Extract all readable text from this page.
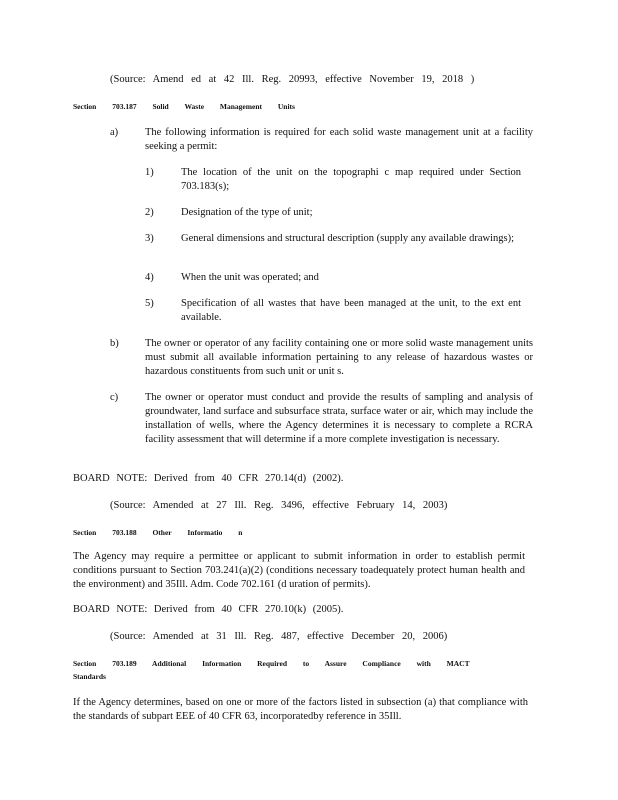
(Source: Amend ed at 42 Ill. Reg. 20993, effective November 19, 2018 )
Section 703.187 Solid Waste Management Units
a)	The following information is required for each solid waste management unit at a facility seeking a permit:
1)	The location of the unit on the topographi c map required under Section 703.183(s);
2)	Designation of the type of unit;
3)	General dimensions and structural description (supply any available drawings);
4)	When the unit was operated; and
5)	Specification of all wastes that have been managed at the unit, to the ext ent available.
b)	The owner or operator of any facility containing one or more solid waste management units must submit all available information pertaining to any release of hazardous wastes or hazardous constituents from such unit or unit s.
c)	The owner or operator must conduct and provide the results of sampling and analysis of groundwater, land surface and subsurface strata, surface water or air, which may include the installation of wells, where the Agency determines it is necessary to complete a RCRA facility assessment that will determine if a more complete investigation is necessary.
BOARD NOTE: Derived from 40 CFR 270.14(d) (2002).
(Source: Amended at 27 Ill. Reg. 3496, effective February 14, 2003)
Section 703.188 Other Informatio n
The Agency may require a permittee or applicant to submit information in order to establish permit conditions pursuant to Section 703.241(a)(2) (conditions necessary toadequately protect human health and the environment) and 35Ill. Adm. Code 702.161 (d uration of permits).
BOARD NOTE: Derived from 40 CFR 270.10(k) (2005).
(Source: Amended at 31 Ill. Reg. 487, effective December 20, 2006)
Section 703.189 Additional Information Required to Assure Compliance with MACT
Standards
If the Agency determines, based on one or more of the factors listed in subsection (a) that compliance with the standards of subpart EEE of 40 CFR 63, incorporatedby reference in 35Ill.
